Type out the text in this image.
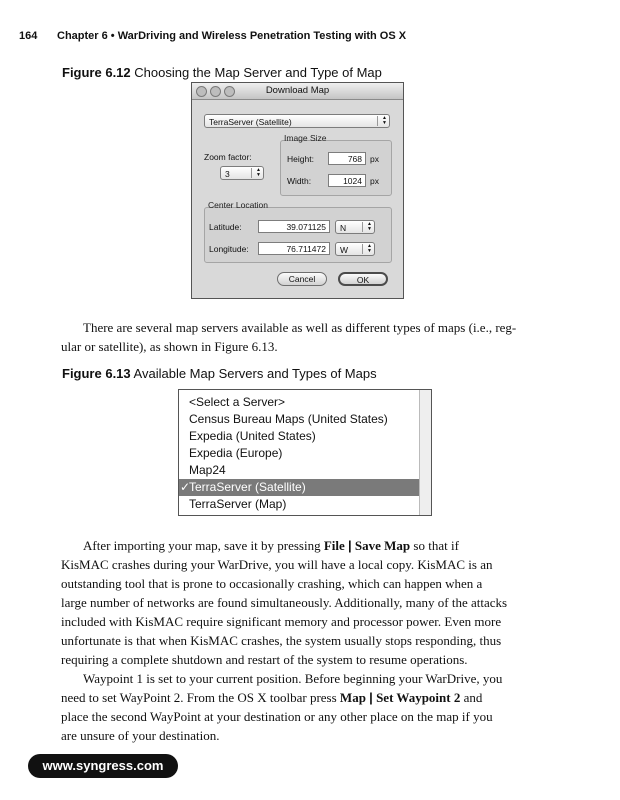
164 Chapter 6 • WarDriving and Wireless Penetration Testing with OS X
Figure 6.12 Choosing the Map Server and Type of Map
Download Map
TerraServer (Satellite)	▲
▼
Image Size
Zoom factor:
3	▲
▼
Height:	768 px
Width:	1024 px
Center Location
Latitude:	39.071125	N	▲
▼
Longitude:	76.711472	W	▲
▼
Cancel	OK
There are several map servers available as well as different types of maps (i.e., reg-
ular or satellite), as shown in Figure 6.13.
Figure 6.13 Available Map Servers and Types of Maps
<Select a Server>
Census Bureau Maps (United States)
Expedia (United States)
Expedia (Europe)
Map24
✓
TerraServer (Satellite)
TerraServer (Map)
After importing your map, save it by pressing File | Save Map so that if
KisMAC crashes during your WarDrive, you will have a local copy. KisMAC is an
outstanding tool that is prone to occasionally crashing, which can happen when a
large number of networks are found simultaneously. Additionally, many of the attacks
included with KisMAC require significant memory and processor power. Even more
unfortunate is that when KisMAC crashes, the system usually stops responding, thus
requiring a complete shutdown and restart of the system to resume operations.
Waypoint 1 is set to your current position. Before beginning your WarDrive, you
need to set WayPoint 2. From the OS X toolbar press Map | Set Waypoint 2 and
place the second WayPoint at your destination or any other place on the map if you
are unsure of your destination.
www.syngress.com
